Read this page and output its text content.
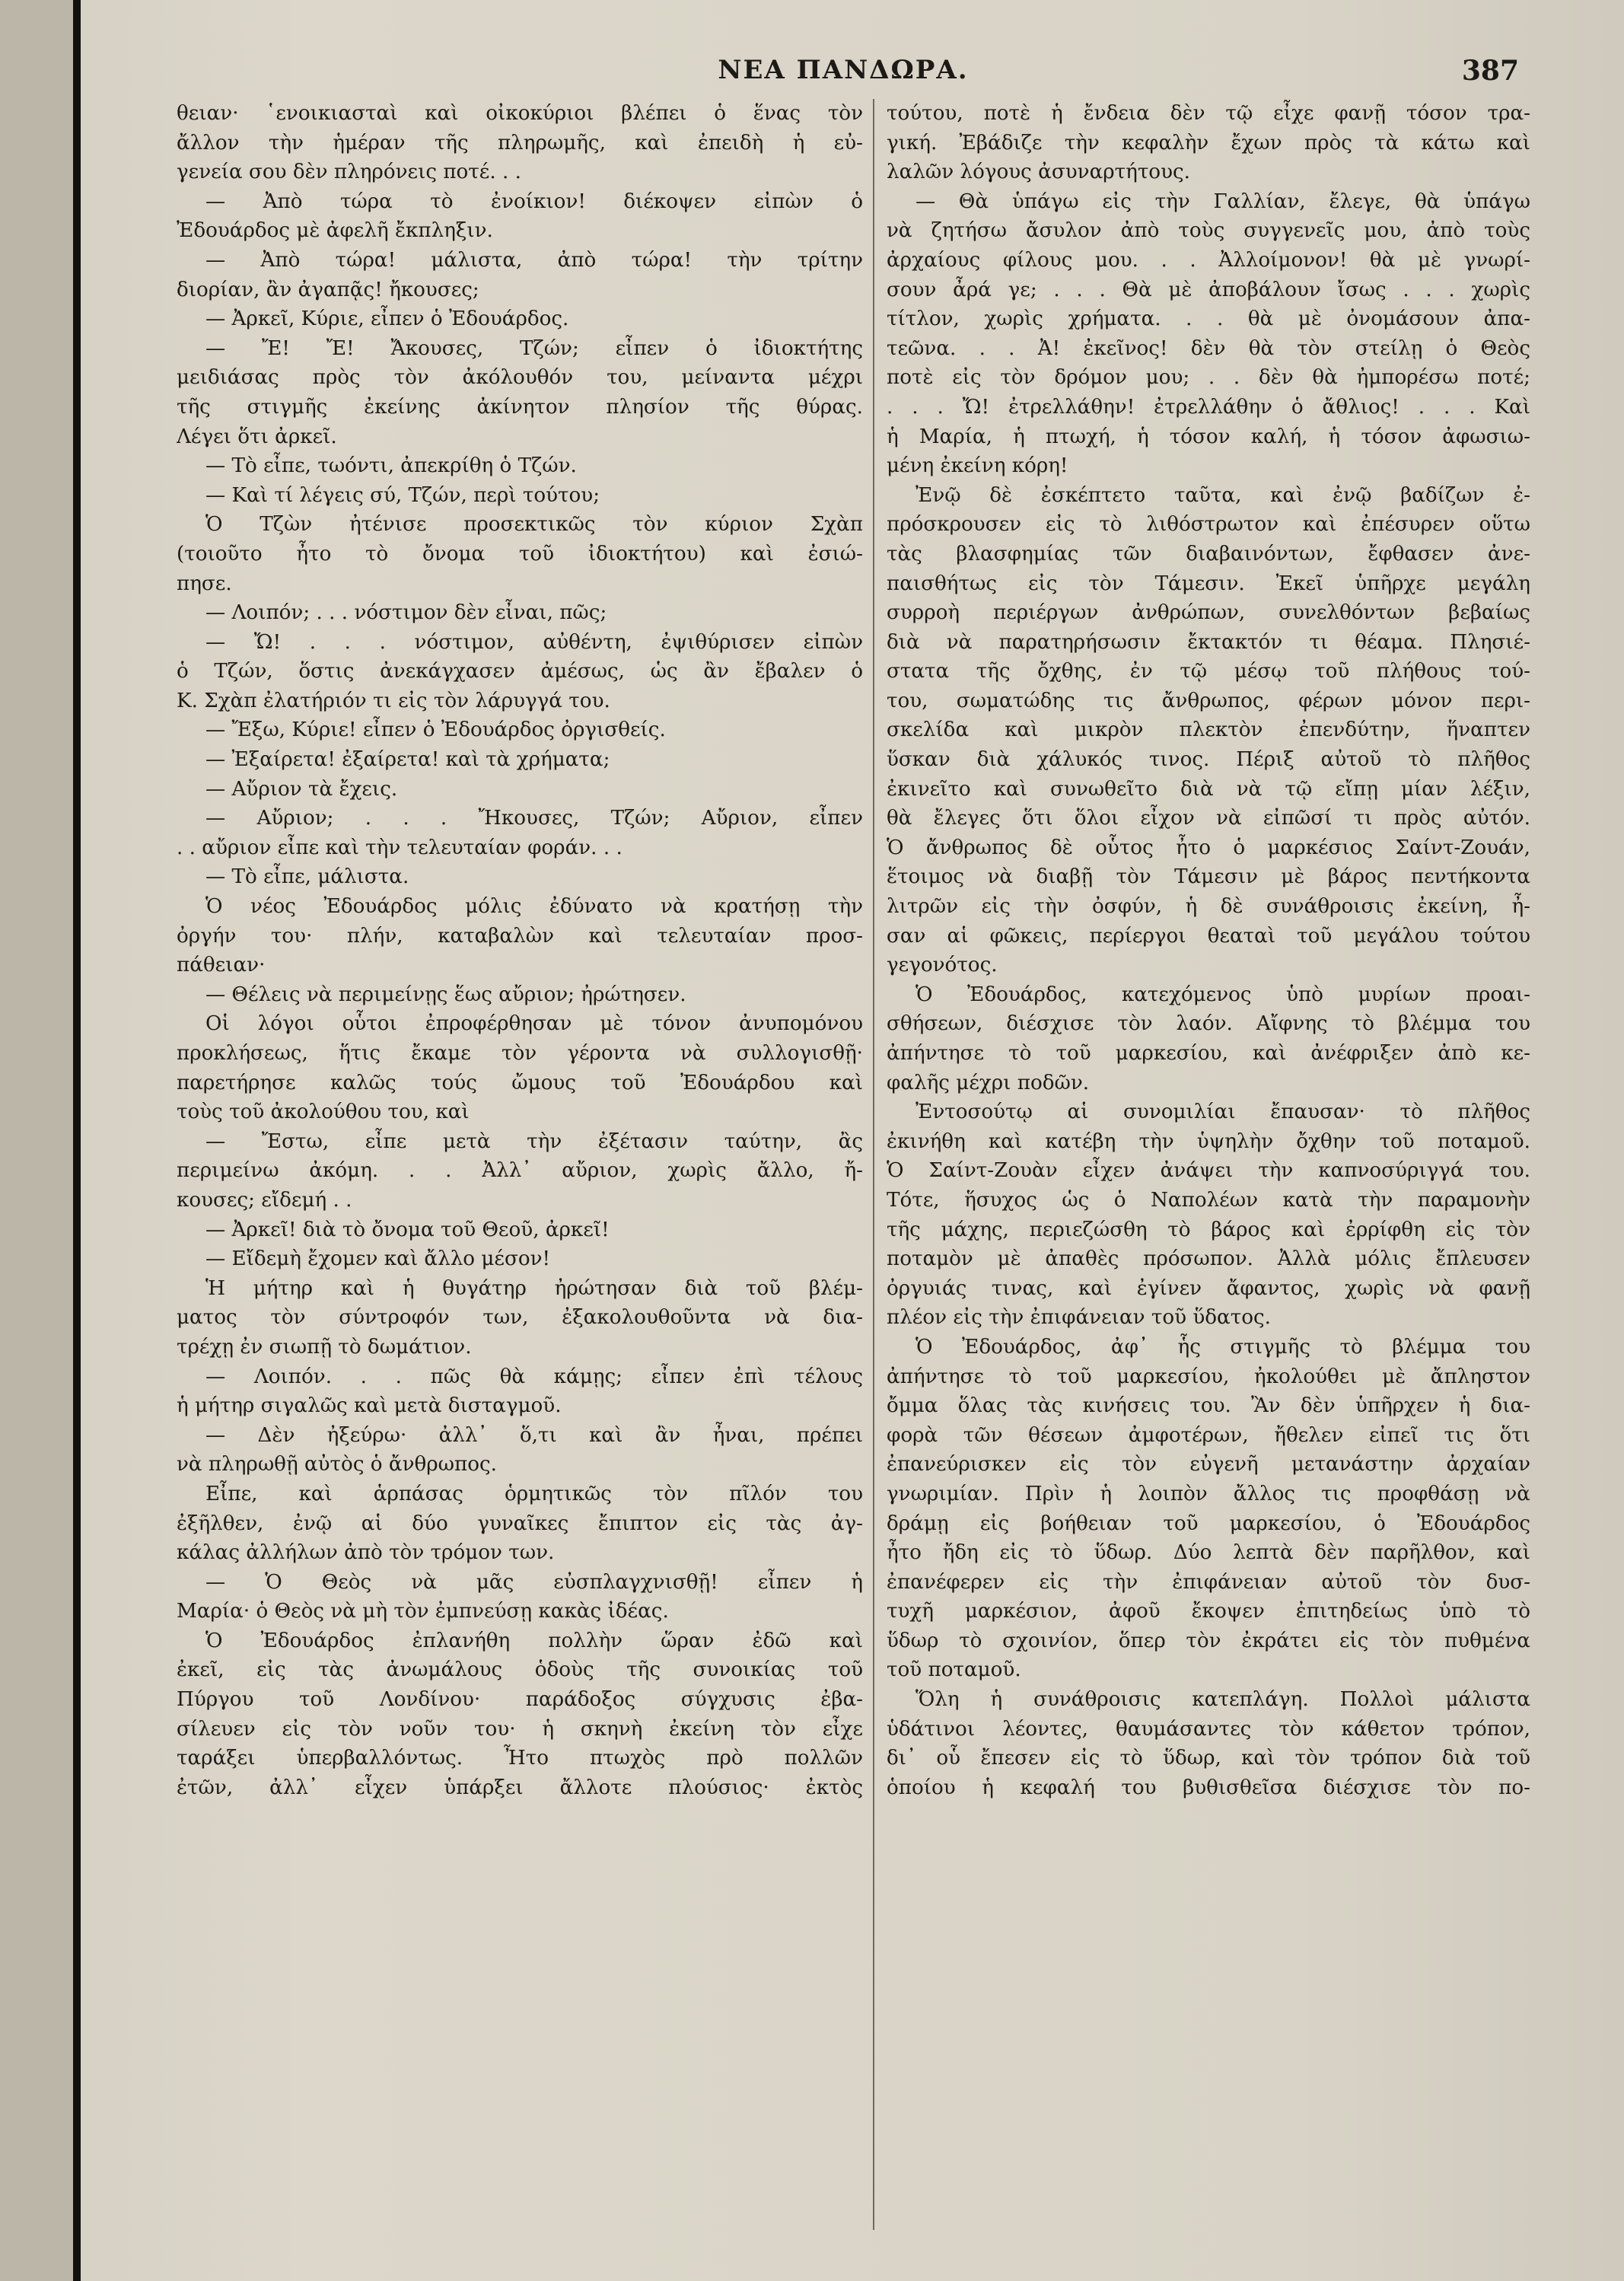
ΝΕΑ ΠΑΝΔΩΡΑ.	387
θειαν· ῾ενοικιασταὶ καὶ οἰκοκύριοι βλέπει ὁ ἕνας τὸν
ἄλλον τὴν ἡμέραν τῆς πληρωμῆς, καὶ ἐπειδὴ ἡ εὐ-
γενεία σου δὲν πληρόνεις ποτέ. . .
— Ἀπὸ τώρα τὸ ἐνοίκιον! διέκοψεν εἰπὼν ὁ
Ἐδουάρδος μὲ ἀφελῆ ἔκπληξιν.
— Ἀπὸ τώρα! μάλιστα, ἀπὸ τώρα! τὴν τρίτην
διορίαν, ἂν ἀγαπᾷς! ἤκουσες;
— Ἀρκεῖ, Κύριε, εἶπεν ὁ Ἐδουάρδος.
— Ἔ! Ἔ! Ἄκουσες, Τζών; εἶπεν ὁ ἰδιοκτήτης
μειδιάσας πρὸς τὸν ἀκόλουθόν του, μείναντα μέχρι
τῆς στιγμῆς ἐκείνης ἀκίνητον πλησίον τῆς θύρας.
Λέγει ὅτι ἀρκεῖ.
— Τὸ εἶπε, τωόντι, ἀπεκρίθη ὁ Τζών.
— Καὶ τί λέγεις σύ, Τζών, περὶ τούτου;
Ὁ Τζὼν ἠτένισε προσεκτικῶς τὸν κύριον Σχὰπ
(τοιοῦτο ἦτο τὸ ὄνομα τοῦ ἰδιοκτήτου) καὶ ἐσιώ-
πησε.
— Λοιπόν; . . . νόστιμον δὲν εἶναι, πῶς;
— Ὤ! . . . νόστιμον, αὐθέντη, ἐψιθύρισεν εἰπὼν
ὁ Τζών, ὅστις ἀνεκάγχασεν ἀμέσως, ὡς ἂν ἔβαλεν ὁ
Κ. Σχὰπ ἐλατήριόν τι εἰς τὸν λάρυγγά του.
— Ἔξω, Κύριε! εἶπεν ὁ Ἐδουάρδος ὀργισθείς.
— Ἐξαίρετα! ἐξαίρετα! καὶ τὰ χρήματα;
— Αὔριον τὰ ἔχεις.
— Αὔριον; . . . Ἤκουσες, Τζών; Αὔριον, εἶπεν
. . αὔριον εἶπε καὶ τὴν τελευταίαν φοράν. . .
— Τὸ εἶπε, μάλιστα.
Ὁ νέος Ἐδουάρδος μόλις ἐδύνατο νὰ κρατήσῃ τὴν
ὀργήν του· πλήν, καταβαλὼν καὶ τελευταίαν προσ-
πάθειαν·
— Θέλεις νὰ περιμείνῃς ἕως αὔριον; ἠρώτησεν.
Οἱ λόγοι οὗτοι ἐπροφέρθησαν μὲ τόνον ἀνυπομόνου
προκλήσεως, ἥτις ἔκαμε τὸν γέροντα νὰ συλλογισθῇ·
παρετήρησε καλῶς τούς ὤμους τοῦ Ἐδουάρδου καὶ
τοὺς τοῦ ἀκολούθου του, καὶ
— Ἔστω, εἶπε μετὰ τὴν ἐξέτασιν ταύτην, ἂς
περιμείνω ἀκόμη. . . Ἀλλ᾽ αὔριον, χωρὶς ἄλλο, ἤ-
κουσες; εἴδεμή . .
— Ἀρκεῖ! διὰ τὸ ὄνομα τοῦ Θεοῦ, ἀρκεῖ!
— Εἴδεμὴ ἔχομεν καὶ ἄλλο μέσον!
Ἡ μήτηρ καὶ ἡ θυγάτηρ ἠρώτησαν διὰ τοῦ βλέμ-
ματος τὸν σύντροφόν των, ἐξακολουθοῦντα νὰ δια-
τρέχῃ ἐν σιωπῇ τὸ δωμάτιον.
— Λοιπόν. . . πῶς θὰ κάμῃς; εἶπεν ἐπὶ τέλους
ἡ μήτηρ σιγαλῶς καὶ μετὰ δισταγμοῦ.
— Δὲν ἠξεύρω· ἀλλ᾽ ὅ,τι καὶ ἂν ἦναι, πρέπει
νὰ πληρωθῇ αὐτὸς ὁ ἄνθρωπος.
Εἶπε, καὶ ἁρπάσας ὁρμητικῶς τὸν πῖλόν του
ἐξῆλθεν, ἐνῷ αἱ δύο γυναῖκες ἔπιπτον εἰς τὰς ἀγ-
κάλας ἀλλήλων ἀπὸ τὸν τρόμον των.
— Ὁ Θεὸς νὰ μᾶς εὐσπλαγχνισθῇ! εἶπεν ἡ
Μαρία· ὁ Θεὸς νὰ μὴ τὸν ἐμπνεύσῃ κακὰς ἰδέας.
Ὁ Ἐδουάρδος ἐπλανήθη πολλὴν ὥραν ἐδῶ καὶ
ἐκεῖ, εἰς τὰς ἀνωμάλους ὁδοὺς τῆς συνοικίας τοῦ
Πύργου τοῦ Λονδίνου· παράδοξος σύγχυσις ἐβα-
σίλευεν εἰς τὸν νοῦν του· ἡ σκηνὴ ἐκείνη τὸν εἶχε
ταράξει ὑπερβαλλόντως. Ἦτο πτωχὸς πρὸ πολλῶν
ἐτῶν, ἀλλ᾽ εἶχεν ὑπάρξει ἄλλοτε πλούσιος· ἐκτὸς
τούτου, ποτὲ ἡ ἔνδεια δὲν τῷ εἶχε φανῇ τόσον τρα-
γική. Ἐβάδιζε τὴν κεφαλὴν ἔχων πρὸς τὰ κάτω καὶ
λαλῶν λόγους ἀσυναρτήτους.
— Θὰ ὑπάγω εἰς τὴν Γαλλίαν, ἔλεγε, θὰ ὑπάγω
νὰ ζητήσω ἄσυλον ἀπὸ τοὺς συγγενεῖς μου, ἀπὸ τοὺς
ἀρχαίους φίλους μου. . . Ἀλλοίμονον! θὰ μὲ γνωρί-
σουν ἆρά γε; . . . Θὰ μὲ ἀποβάλουν ἴσως . . . χωρὶς
τίτλον, χωρὶς χρήματα. . . θὰ μὲ ὀνομάσουν ἀπα-
τεῶνα. . . Ἀ! ἐκεῖνος! δὲν θὰ τὸν στείλῃ ὁ Θεὸς
ποτὲ εἰς τὸν δρόμον μου; . . δὲν θὰ ἠμπορέσω ποτέ;
. . . Ὤ! ἐτρελλάθην! ἐτρελλάθην ὁ ἄθλιος! . . . Καὶ
ἡ Μαρία, ἡ πτωχή, ἡ τόσον καλή, ἡ τόσον ἀφωσιω-
μένη ἐκείνη κόρη!
Ἐνῷ δὲ ἐσκέπτετο ταῦτα, καὶ ἐνῷ βαδίζων ἐ-
πρόσκρουσεν εἰς τὸ λιθόστρωτον καὶ ἐπέσυρεν οὕτω
τὰς βλασφημίας τῶν διαβαινόντων, ἔφθασεν ἀνε-
παισθήτως εἰς τὸν Τάμεσιν. Ἐκεῖ ὑπῆρχε μεγάλη
συρροὴ περιέργων ἀνθρώπων, συνελθόντων βεβαίως
διὰ νὰ παρατηρήσωσιν ἔκτακτόν τι θέαμα. Πλησιέ-
στατα τῆς ὄχθης, ἐν τῷ μέσῳ τοῦ πλήθους τού-
του, σωματώδης τις ἄνθρωπος, φέρων μόνον περι-
σκελίδα καὶ μικρὸν πλεκτὸν ἐπενδύτην, ἥναπτεν
ὕσκαν διὰ χάλυκός τινος. Πέριξ αὐτοῦ τὸ πλῆθος
ἐκινεῖτο καὶ συνωθεῖτο διὰ νὰ τῷ εἴπῃ μίαν λέξιν,
θὰ ἔλεγες ὅτι ὅλοι εἶχον νὰ εἰπῶσί τι πρὸς αὐτόν.
Ὁ ἄνθρωπος δὲ οὗτος ἦτο ὁ μαρκέσιος Σαίντ-Ζουάν,
ἕτοιμος νὰ διαβῇ τὸν Τάμεσιν μὲ βάρος πεντήκοντα
λιτρῶν εἰς τὴν ὀσφύν, ἡ δὲ συνάθροισις ἐκείνη, ἦ-
σαν αἱ φῶκεις, περίεργοι θεαταὶ τοῦ μεγάλου τούτου
γεγονότος.
Ὁ Ἐδουάρδος, κατεχόμενος ὑπὸ μυρίων προαι-
σθήσεων, διέσχισε τὸν λαόν. Αἴφνης τὸ βλέμμα του
ἀπήντησε τὸ τοῦ μαρκεσίου, καὶ ἀνέφριξεν ἀπὸ κε-
φαλῆς μέχρι ποδῶν.
Ἐντοσούτῳ αἱ συνομιλίαι ἔπαυσαν· τὸ πλῆθος
ἐκινήθη καὶ κατέβη τὴν ὑψηλὴν ὄχθην τοῦ ποταμοῦ.
Ὁ Σαίντ-Ζουὰν εἶχεν ἀνάψει τὴν καπνοσύριγγά του.
Τότε, ἥσυχος ὡς ὁ Ναπολέων κατὰ τὴν παραμονὴν
τῆς μάχης, περιεζώσθη τὸ βάρος καὶ ἐρρίφθη εἰς τὸν
ποταμὸν μὲ ἀπαθὲς πρόσωπον. Ἀλλὰ μόλις ἔπλευσεν
ὀργυιάς τινας, καὶ ἐγίνεν ἄφαντος, χωρὶς νὰ φανῇ
πλέον εἰς τὴν ἐπιφάνειαν τοῦ ὕδατος.
Ὁ Ἐδουάρδος, ἀφ᾽ ἧς στιγμῆς τὸ βλέμμα του
ἀπήντησε τὸ τοῦ μαρκεσίου, ἠκολούθει μὲ ἄπληστον
ὄμμα ὅλας τὰς κινήσεις του. Ἂν δὲν ὑπῆρχεν ἡ δια-
φορὰ τῶν θέσεων ἀμφοτέρων, ἤθελεν εἰπεῖ τις ὅτι
ἐπανεύρισκεν εἰς τὸν εὐγενῆ μετανάστην ἀρχαίαν
γνωριμίαν. Πρὶν ἡ λοιπὸν ἄλλος τις προφθάσῃ νὰ
δράμῃ εἰς βοήθειαν τοῦ μαρκεσίου, ὁ Ἐδουάρδος
ἦτο ἤδη εἰς τὸ ὕδωρ. Δύο λεπτὰ δὲν παρῆλθον, καὶ
ἐπανέφερεν εἰς τὴν ἐπιφάνειαν αὐτοῦ τὸν δυσ-
τυχῆ μαρκέσιον, ἀφοῦ ἔκοψεν ἐπιτηδείως ὑπὸ τὸ
ὕδωρ τὸ σχοινίον, ὅπερ τὸν ἐκράτει εἰς τὸν πυθμένα
τοῦ ποταμοῦ.
Ὅλη ἡ συνάθροισις κατεπλάγη. Πολλοὶ μάλιστα
ὑδάτινοι λέοντες, θαυμάσαντες τὸν κάθετον τρόπον,
δι᾽ οὗ ἔπεσεν εἰς τὸ ὕδωρ, καὶ τὸν τρόπον διὰ τοῦ
ὁποίου ἡ κεφαλή του βυθισθεῖσα διέσχισε τὸν πο-
